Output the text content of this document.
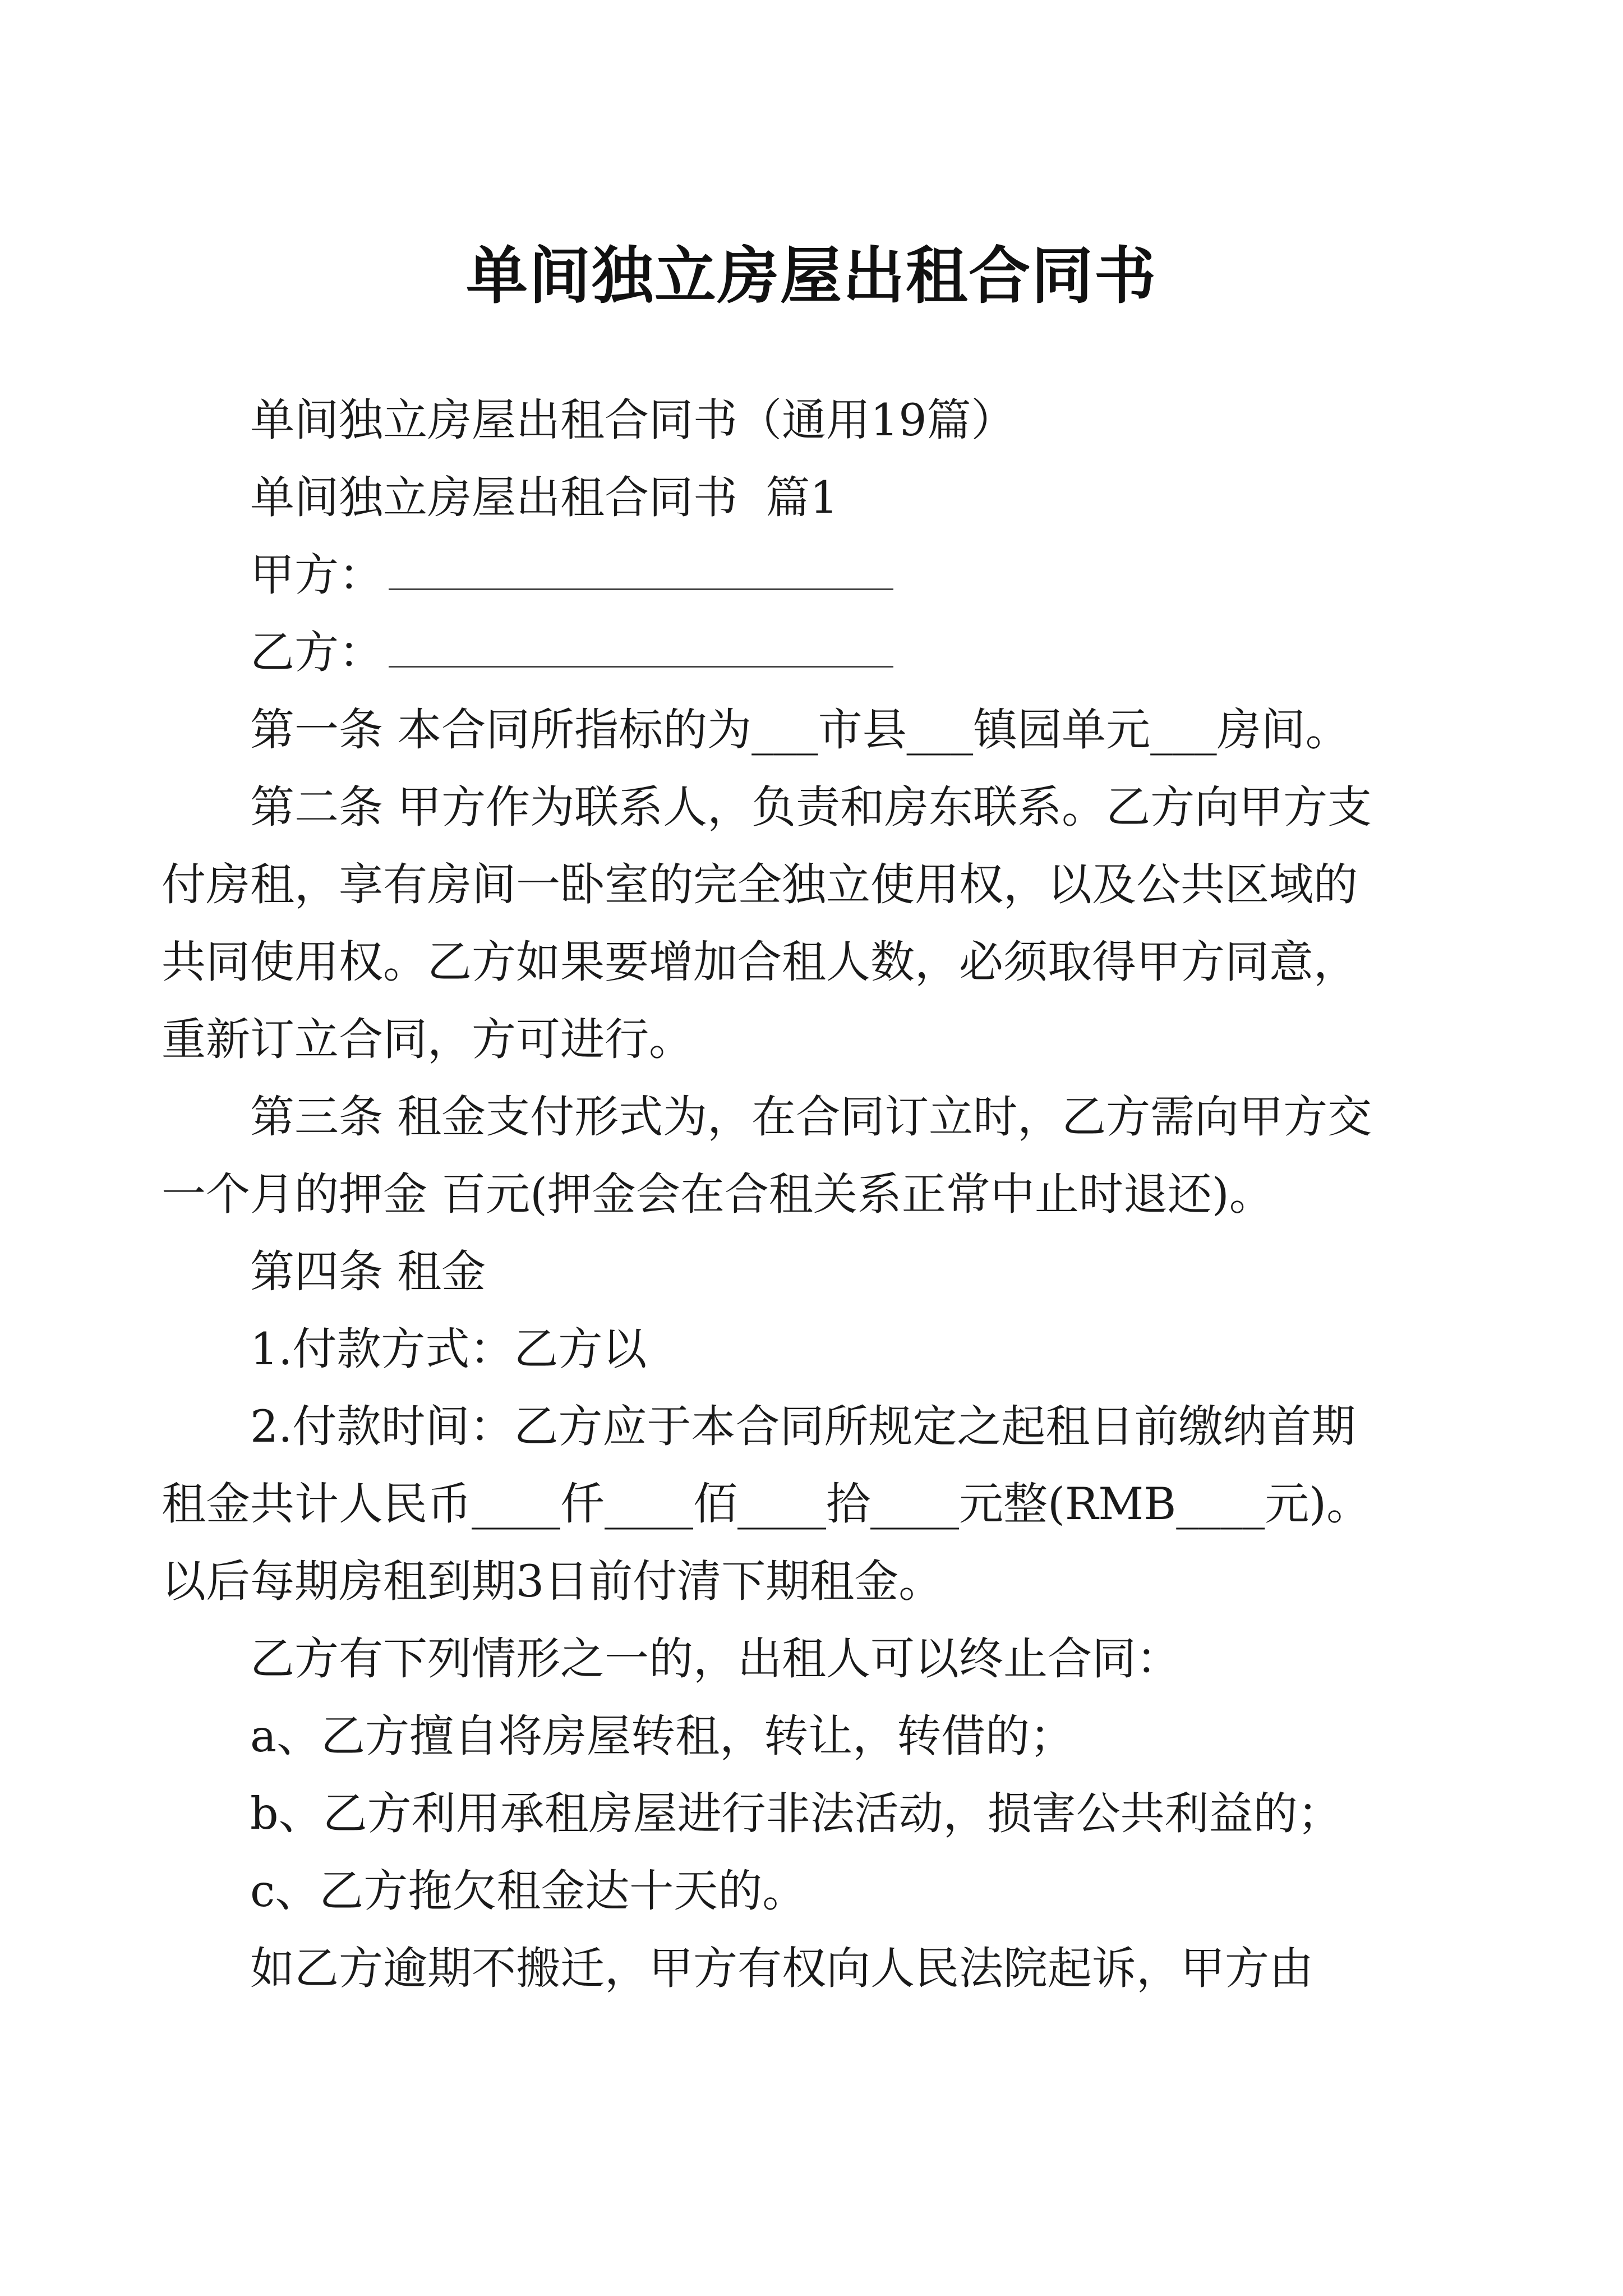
单间独立房屋出租合同书

单间独立房屋出租合同书（通用19篇）

单间独立房屋出租合同书  篇1

甲方：

乙方：

第一条 本合同所指标的为___市县___镇园单元___房间。

第二条 甲方作为联系人，负责和房东联系。乙方向甲方支付房租，享有房间一卧室的完全独立使用权，以及公共区域的共同使用权。乙方如果要增加合租人数，必须取得甲方同意，重新订立合同，方可进行。

第三条 租金支付形式为，在合同订立时，乙方需向甲方交一个月的押金 百元(押金会在合租关系正常中止时退还)。

第四条 租金

1.付款方式：乙方以

2.付款时间：乙方应于本合同所规定之起租日前缴纳首期租金共计人民币____仟____佰____拾____元整(RMB____元)。以后每期房租到期3日前付清下期租金。

乙方有下列情形之一的，出租人可以终止合同：

a、乙方擅自将房屋转租，转让，转借的；

b、乙方利用承租房屋进行非法活动，损害公共利益的；

c、乙方拖欠租金达十天的。

如乙方逾期不搬迁，甲方有权向人民法院起诉，甲方由
